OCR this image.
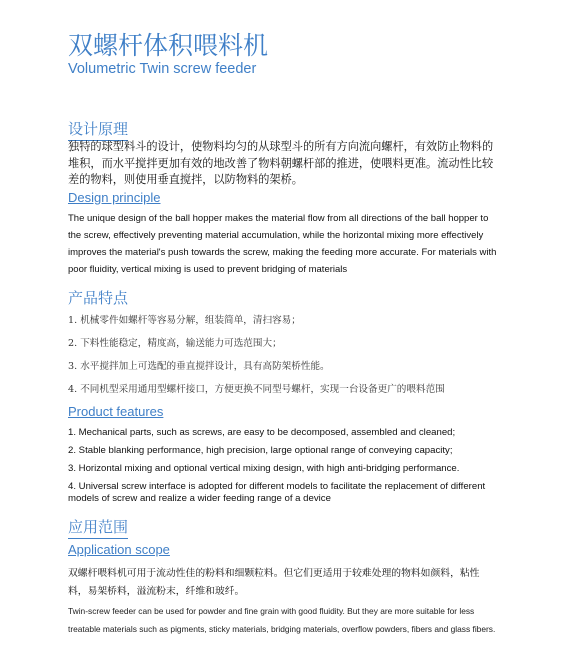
双螺杆体积喂料机
Volumetric Twin screw feeder
设计原理

独特的球型料斗的设计，使物料均匀的从球型斗的所有方向流向螺杆，有效防止物料的堆积，而水平搅拌更加有效的地改善了物料朝螺杆部的推进，使喂料更准。流动性比较差的物料，则使用垂直搅拌，以防物料的架桥。

Design principle

The unique design of the ball hopper makes the material flow from all directions of the ball hopper to the screw, effectively preventing material accumulation, while the horizontal mixing more effectively improves the material's push towards the screw, making the feeding more accurate. For materials with poor fluidity, vertical mixing is used to prevent bridging of materials

产品特点
1. 机械零件如螺杆等容易分解，组装简单，清扫容易；
2. 下料性能稳定，精度高，输送能力可选范围大；
3. 水平搅拌加上可选配的垂直搅拌设计，具有高防架桥性能。
4. 不同机型采用通用型螺杆接口，方便更换不同型号螺杆，实现一台设备更广的喂料范围
Product features
1. Mechanical parts, such as screws, are easy to be decomposed, assembled and cleaned;
2. Stable blanking performance, high precision, large optional range of conveying capacity;
3. Horizontal mixing and optional vertical mixing design, with high anti-bridging performance.

4. Universal screw interface is adopted for different models to facilitate the replacement of different models of screw and realize a wider feeding range of a device

应用范围
Application scope

双螺杆喂料机可用于流动性佳的粉料和细颗粒料。但它们更适用于较难处理的物料如颜料，粘性料，易架桥料，溢流粉末，纤维和玻纤。

Twin-screw feeder can be used for powder and fine grain with good fluidity. But they are more suitable for less treatable materials such as pigments, sticky materials, bridging materials, overflow powders, fibers and glass fibers.
